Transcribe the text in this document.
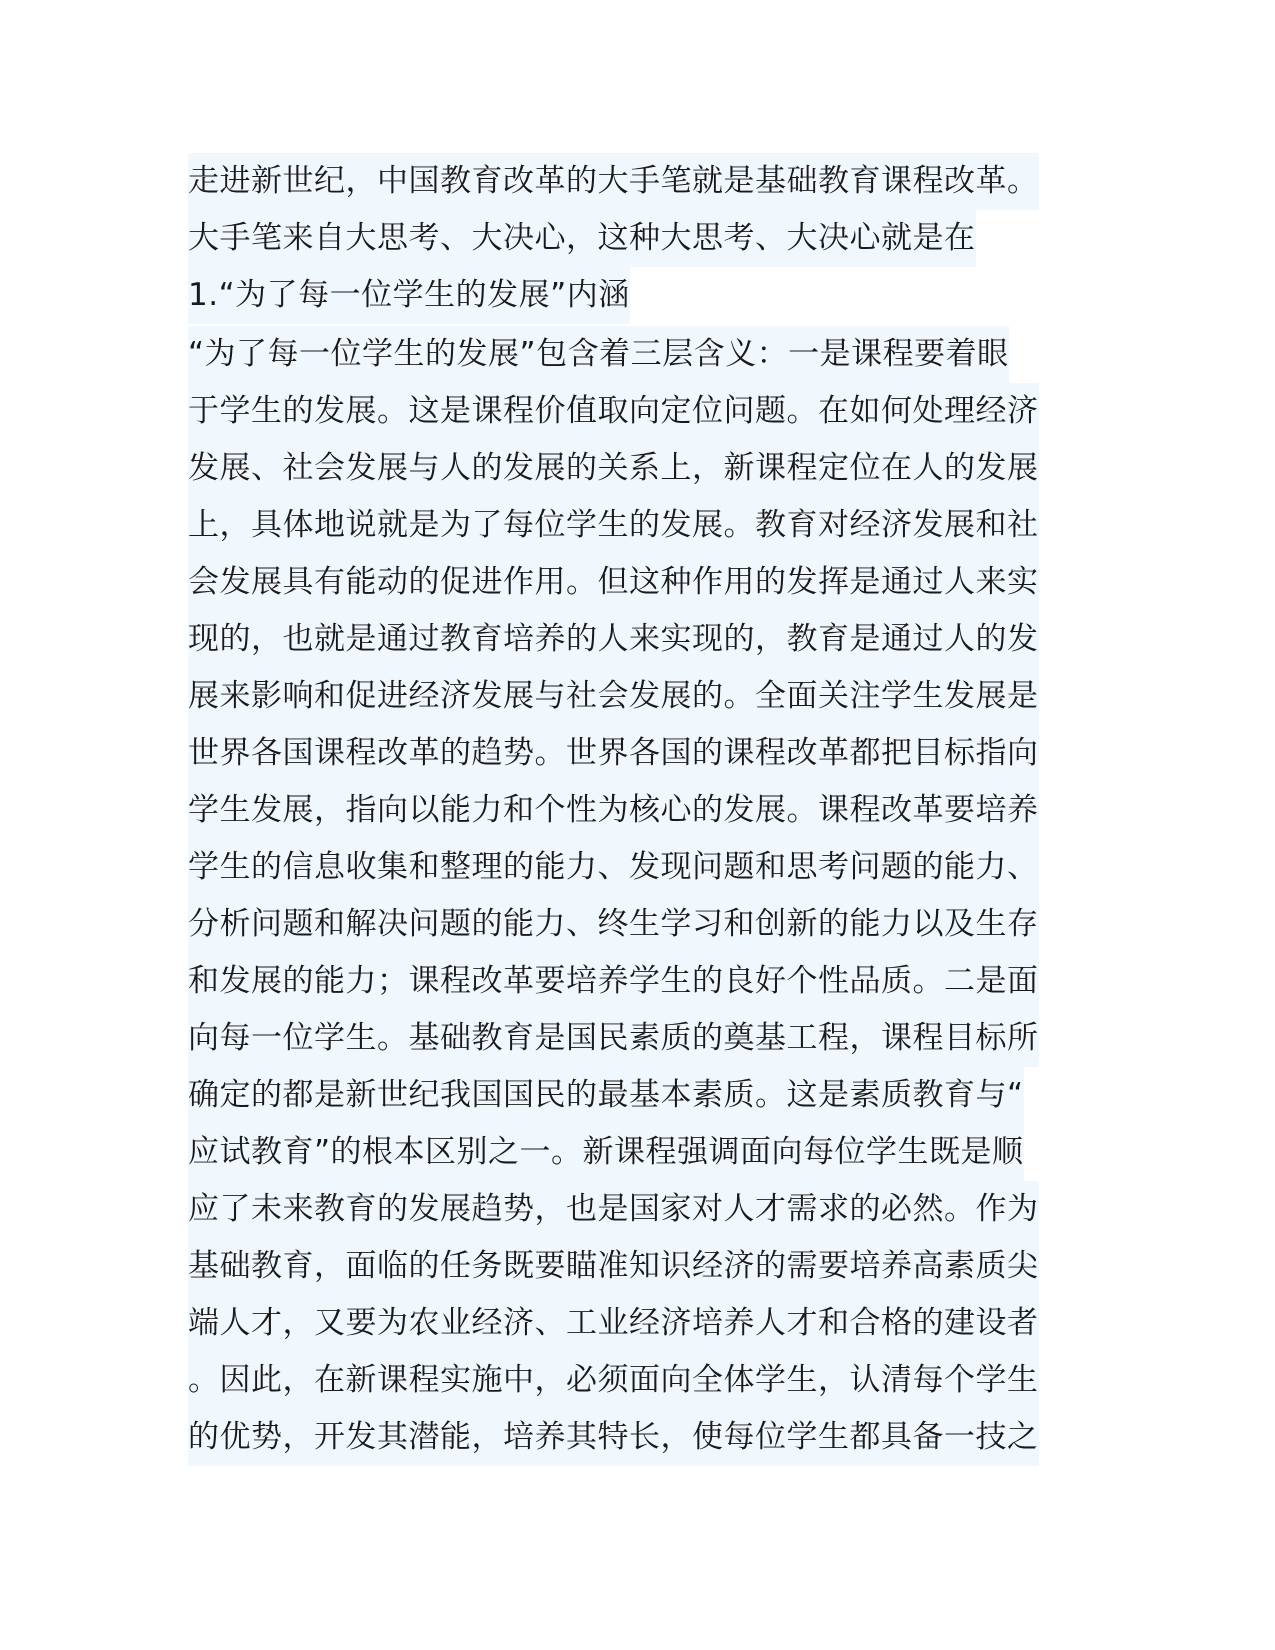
走进新世纪，中国教育改革的大手笔就是基础教育课程改革。
大手笔来自大思考、大决心，这种大思考、大决心就是在
1.“为了每一位学生的发展”内涵
“为了每一位学生的发展”包含着三层含义：一是课程要着眼
于学生的发展。这是课程价值取向定位问题。在如何处理经济
发展、社会发展与人的发展的关系上，新课程定位在人的发展
上，具体地说就是为了每位学生的发展。教育对经济发展和社
会发展具有能动的促进作用。但这种作用的发挥是通过人来实
现的，也就是通过教育培养的人来实现的，教育是通过人的发
展来影响和促进经济发展与社会发展的。全面关注学生发展是
世界各国课程改革的趋势。世界各国的课程改革都把目标指向
学生发展，指向以能力和个性为核心的发展。课程改革要培养
学生的信息收集和整理的能力、发现问题和思考问题的能力、
分析问题和解决问题的能力、终生学习和创新的能力以及生存
和发展的能力；课程改革要培养学生的良好个性品质。二是面
向每一位学生。基础教育是国民素质的奠基工程，课程目标所
确定的都是新世纪我国国民的最基本素质。这是素质教育与“
应试教育”的根本区别之一。新课程强调面向每位学生既是顺
应了未来教育的发展趋势，也是国家对人才需求的必然。作为
基础教育，面临的任务既要瞄准知识经济的需要培养高素质尖
端人才，又要为农业经济、工业经济培养人才和合格的建设者
。因此，在新课程实施中，必须面向全体学生，认清每个学生
的优势，开发其潜能，培养其特长，使每位学生都具备一技之
